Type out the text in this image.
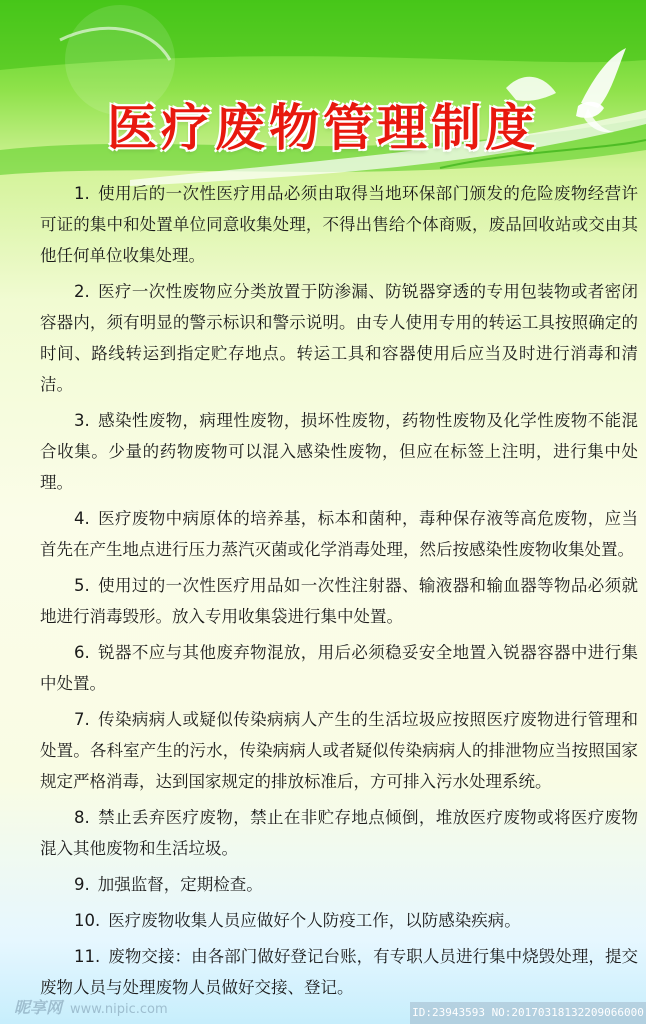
医疗废物管理制度

1. 使用后的一次性医疗用品必须由取得当地环保部门颁发的危险废物经营许可证的集中和处置单位同意收集处理，不得出售给个体商贩，废品回收站或交由其他任何单位收集处理。

2. 医疗一次性废物应分类放置于防渗漏、防锐器穿透的专用包装物或者密闭容器内，须有明显的警示标识和警示说明。由专人使用专用的转运工具按照确定的时间、路线转运到指定贮存地点。转运工具和容器使用后应当及时进行消毒和清洁。

3. 感染性废物，病理性废物，损坏性废物，药物性废物及化学性废物不能混合收集。少量的药物废物可以混入感染性废物，但应在标签上注明，进行集中处理。

4. 医疗废物中病原体的培养基，标本和菌种，毒种保存液等高危废物，应当首先在产生地点进行压力蒸汽灭菌或化学消毒处理，然后按感染性废物收集处置。

5. 使用过的一次性医疗用品如一次性注射器、输液器和输血器等物品必须就地进行消毒毁形。放入专用收集袋进行集中处置。

6. 锐器不应与其他废弃物混放，用后必须稳妥安全地置入锐器容器中进行集中处置。

7. 传染病病人或疑似传染病病人产生的生活垃圾应按照医疗废物进行管理和处置。各科室产生的污水，传染病病人或者疑似传染病病人的排泄物应当按照国家规定严格消毒，达到国家规定的排放标准后，方可排入污水处理系统。

8. 禁止丢弃医疗废物，禁止在非贮存地点倾倒，堆放医疗废物或将医疗废物混入其他废物和生活垃圾。

9. 加强监督，定期检查。

10. 医疗废物收集人员应做好个人防疫工作，以防感染疾病。

11. 废物交接：由各部门做好登记台账，有专职人员进行集中烧毁处理，提交废物人员与处理废物人员做好交接、登记。

昵享网 www.nipic.com	ID:23943593 NO:20170318132209066000
